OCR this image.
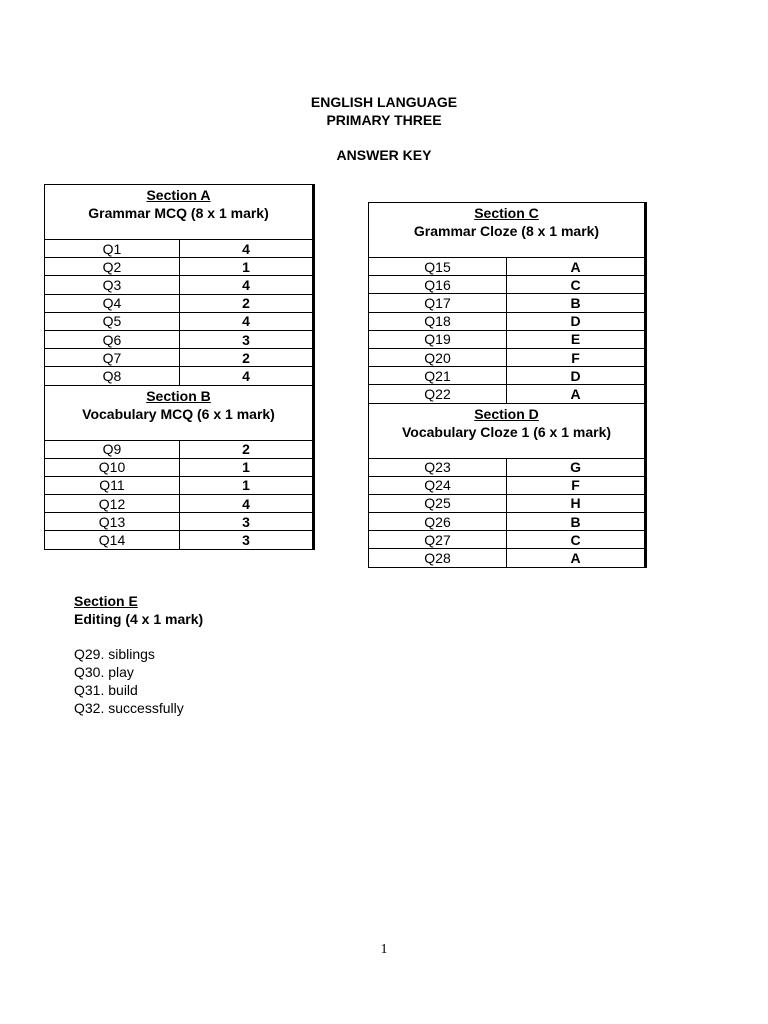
ENGLISH LANGUAGE
PRIMARY THREE
ANSWER KEY
Section A
Grammar MCQ (8 x 1 mark)	

Q1	4
Q2	1
Q3	4
Q4	2
Q5	4
Q6	3
Q7	2
Q8	4

Section B
Vocabulary MCQ (6 x 1 mark)	

Q9	2
Q10	1
Q11	1
Q12	4
Q13	3
Q14	3
Section C
Grammar Cloze (8 x 1 mark)	

Q15	A
Q16	C
Q17	B
Q18	D
Q19	E
Q20	F
Q21	D
Q22	A

Section D
Vocabulary Cloze 1 (6 x 1 mark)	

Q23	G
Q24	F
Q25	H
Q26	B
Q27	C
Q28	A
Section E
Editing (4 x 1 mark)
Q29. siblings
Q30. play
Q31. build
Q32. successfully
1
